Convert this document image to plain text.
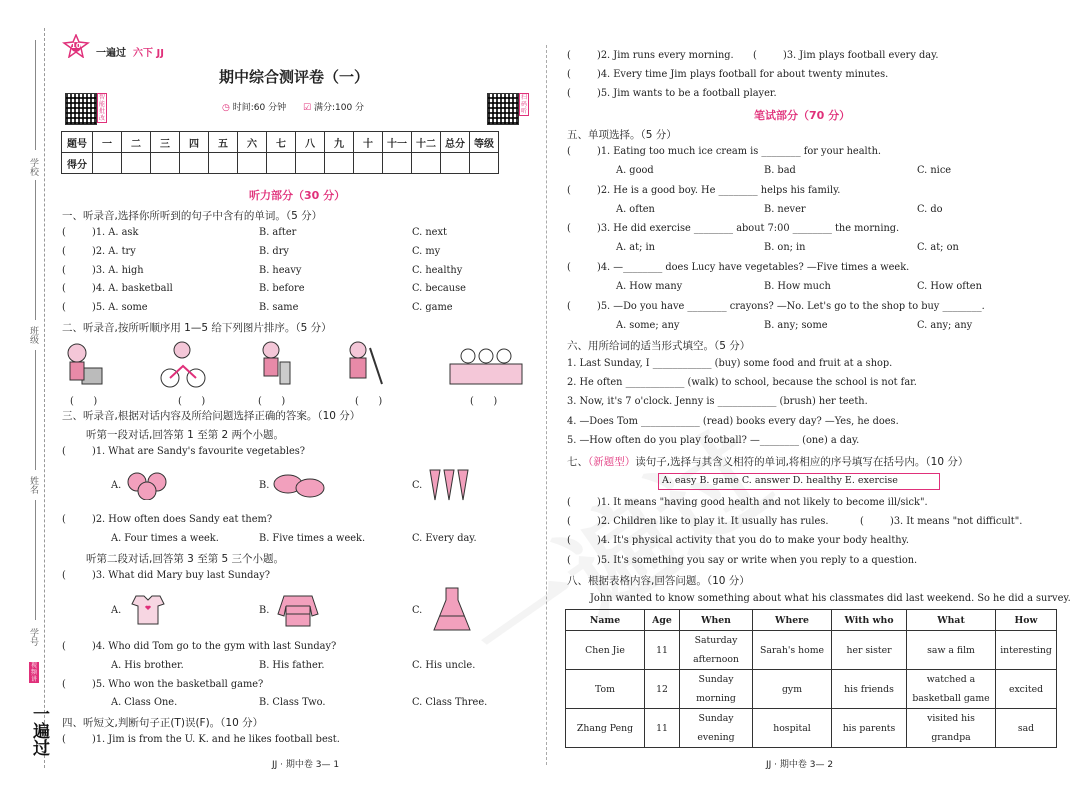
学校
班级
姓名
学号
视频讲
一遍过
10
一遍过 六下 JJ
期中综合测评卷（一）
◷ 时间:60 分钟 ☑ 满分:100 分
智能批改
扫码听
题号	一	二	三	四	五	六	七	八	九	十	十一	十二	总分	等级
得分														
听力部分（30 分）
一、听录音,选择你所听到的句子中含有的单词。（5 分）
(	)1. A. ask	B. after	C. next
(	)2. A. try	B. dry	C. my
(	)3. A. high	B. heavy	C. healthy
(	)4. A. basketball	B. before	C. because
(	)5. A. some	B. same	C. game
二、听录音,按所听顺序用 1—5 给下列图片排序。（5 分）
(　　)	(　　)	(　　)	(　　)	(　　)
三、听录音,根据对话内容及所给问题选择正确的答案。（10 分）
听第一段对话,回答第 1 至第 2 两个小题。
(	)1. What are Sandy's favourite vegetables?
A.	B.	C.
(	)2. How often does Sandy eat them?
A. Four times a week.	B. Five times a week.	C. Every day.
听第二段对话,回答第 3 至第 5 三个小题。
(	)3. What did Mary buy last Sunday?
A.	B.	C.
(	)4. Who did Tom go to the gym with last Sunday?
A. His brother.	B. His father.	C. His uncle.
(	)5. Who won the basketball game?
A. Class One.	B. Class Two.	C. Class Three.
四、听短文,判断句子正(T)误(F)。（10 分）
(	)1. Jim is from the U. K. and he likes football best.
(	)2. Jim runs every morning. (	)3. Jim plays football every day.
(	)4. Every time Jim plays football for about twenty minutes.
(	)5. Jim wants to be a football player.
笔试部分（70 分）
五、单项选择。（5 分）
(	)1. Eating too much ice cream is ________ for your health.
A. good	B. bad	C. nice
(	)2. He is a good boy. He ________ helps his family.
A. often	B. never	C. do
(	)3. He did exercise ________ about 7:00 ________ the morning.
A. at; in	B. on; in	C. at; on
(	)4. —________ does Lucy have vegetables? —Five times a week.
A. How many	B. How much	C. How often
(	)5. —Do you have ________ crayons? —No. Let's go to the shop to buy ________.
A. some; any	B. any; some	C. any; any
六、用所给词的适当形式填空。（5 分）
1. Last Sunday, I ____________ (buy) some food and fruit at a shop.
2. He often ____________ (walk) to school, because the school is not far.
3. Now, it's 7 o'clock. Jenny is ____________ (brush) her teeth.
4. —Does Tom ____________ (read) books every day? —Yes, he does.
5. —How often do you play football? —________ (one) a day.
七、（新题型）读句子,选择与其含义相符的单词,将相应的序号填写在括号内。（10 分）
A. easy B. game C. answer D. healthy E. exercise
(	)1. It means "having good health and not likely to become ill/sick".
(	)2. Children like to play it. It usually has rules.	(	)3. It means "not difficult".
(	)4. It's physical activity that you do to make your body healthy.
(	)5. It's something you say or write when you reply to a question.
八、根据表格内容,回答问题。（10 分）
John wanted to know something about what his classmates did last weekend. So he did a survey.
Name	Age	When	Where	With who	What	How
Chen Jie	11	Saturday afternoon	Sarah's home	her sister	saw a film	interesting
Tom	12	Sunday morning	gym	his friends	watched a basketball game	excited
Zhang Peng	11	Sunday evening	hospital	his parents	visited his grandpa	sad
JJ · 期中卷 3— 1	JJ · 期中卷 3— 2
